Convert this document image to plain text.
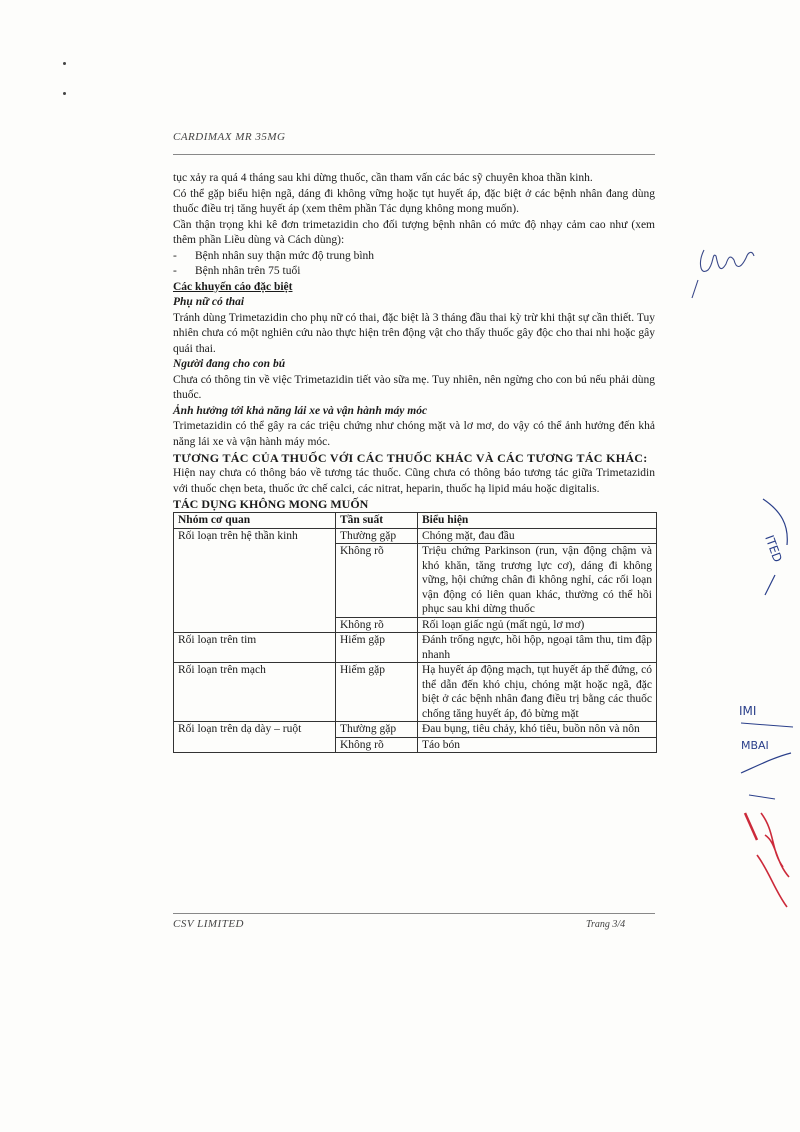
CARDIMAX MR 35MG

tục xảy ra quá 4 tháng sau khi dừng thuốc, cần tham vấn các bác sỹ chuyên khoa thần kinh.

Có thể gặp biểu hiện ngã, dáng đi không vững hoặc tụt huyết áp, đặc biệt ở các bệnh nhân đang dùng thuốc điều trị tăng huyết áp (xem thêm phần Tác dụng không mong muốn).

Cần thận trọng khi kê đơn trimetazidin cho đối tượng bệnh nhân có mức độ nhạy cảm cao như (xem thêm phần Liều dùng và Cách dùng):

-	Bệnh nhân suy thận mức độ trung bình
-	Bệnh nhân trên 75 tuổi

Các khuyến cáo đặc biệt

Phụ nữ có thai

Tránh dùng Trimetazidin cho phụ nữ có thai, đặc biệt là 3 tháng đầu thai kỳ trừ khi thật sự cần thiết. Tuy nhiên chưa có một nghiên cứu nào thực hiện trên động vật cho thấy thuốc gây độc cho thai nhi hoặc gây quái thai.

Người đang cho con bú

Chưa có thông tin về việc Trimetazidin tiết vào sữa mẹ. Tuy nhiên, nên ngừng cho con bú nếu phải dùng thuốc.

Ảnh hưởng tới khả năng lái xe và vận hành máy móc

Trimetazidin có thể gây ra các triệu chứng như chóng mặt và lơ mơ, do vậy có thể ảnh hưởng đến khả năng lái xe và vận hành máy móc.

TƯƠNG TÁC CỦA THUỐC VỚI CÁC THUỐC KHÁC VÀ CÁC TƯƠNG TÁC KHÁC:

Hiện nay chưa có thông báo về tương tác thuốc. Cũng chưa có thông báo tương tác giữa Trimetazidin với thuốc chẹn beta, thuốc ức chế calci, các nitrat, heparin, thuốc hạ lipid máu hoặc digitalis.

TÁC DỤNG KHÔNG MONG MUỐN

Nhóm cơ quan	Tần suất	Biểu hiện
Rối loạn trên hệ thần kinh	Thường gặp	Chóng mặt, đau đầu
	Không rõ	Triệu chứng Parkinson (run, vận động chậm và khó khăn, tăng trương lực cơ), dáng đi không vững, hội chứng chân đi không nghỉ, các rối loạn vận động có liên quan khác, thường có thể hồi phục sau khi dừng thuốc
	Không rõ	Rối loạn giấc ngủ (mất ngủ, lơ mơ)
Rối loạn trên tim	Hiếm gặp	Đánh trống ngực, hồi hộp, ngoại tâm thu, tim đập nhanh
Rối loạn trên mạch	Hiếm gặp	Hạ huyết áp động mạch, tụt huyết áp thế đứng, có thể dẫn đến khó chịu, chóng mặt hoặc ngã, đặc biệt ở các bệnh nhân đang điều trị bằng các thuốc chống tăng huyết áp, đỏ bừng mặt
Rối loạn trên dạ dày – ruột	Thường gặp	Đau bụng, tiêu chảy, khó tiêu, buồn nôn và nôn
	Không rõ	Táo bón
CSV LIMITED	Trang 3/4
ITED
IMI
MBAI
